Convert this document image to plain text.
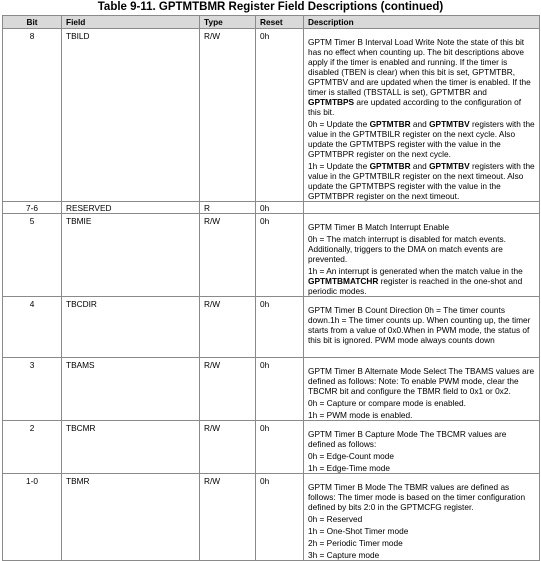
Table 9-11. GPTMTBMR Register Field Descriptions (continued)
Bit	Field	Type	Reset	Description
8	TBILD	R/W	0h	GPTM Timer B Interval Load Write Note the state of this bit has no effect when counting up. The bit descriptions above apply if the timer is enabled and running. If the timer is disabled (TBEN is clear) when this bit is set, GPTMTBR, GPTMTBV and are updated when the timer is enabled. If the timer is stalled (TBSTALL is set), GPTMTBR and GPTMTBPS are updated according to the configuration of this bit.
0h = Update the GPTMTBR and GPTMTBV registers with the value in the GPTMTBILR register on the next cycle. Also update the GPTMTBPS register with the value in the GPTMTBPR register on the next cycle.
1h = Update the GPTMTBR and GPTMTBV registers with the value in the GPTMTBILR register on the next timeout. Also update the GPTMTBPS register with the value in the GPTMTBPR register on the next timeout.

7-6	RESERVED	R	0h	
5	TBMIE	R/W	0h	GPTM Timer B Match Interrupt Enable
0h = The match interrupt is disabled for match events. Additionally, triggers to the DMA on match events are prevented.
1h = An interrupt is generated when the match value in the GPTMTBMATCHR register is reached in the one-shot and periodic modes.

4	TBCDIR	R/W	0h	GPTM Timer B Count Direction 0h = The timer counts down.1h = The timer counts up. When counting up, the timer starts from a value of 0x0.When in PWM mode, the status of this bit is ignored. PWM mode always counts down

3	TBAMS	R/W	0h	GPTM Timer B Alternate Mode Select The TBAMS values are defined as follows: Note: To enable PWM mode, clear the TBCMR bit and configure the TBMR field to 0x1 or 0x2.
0h = Capture or compare mode is enabled.
1h = PWM mode is enabled.

2	TBCMR	R/W	0h	GPTM Timer B Capture Mode The TBCMR values are defined as follows:
0h = Edge-Count mode
1h = Edge-Time mode

1-0	TBMR	R/W	0h	GPTM Timer B Mode The TBMR values are defined as follows: The timer mode is based on the timer configuration defined by bits 2:0 in the GPTMCFG register.
0h = Reserved
1h = One-Shot Timer mode
2h = Periodic Timer mode
3h = Capture mode
